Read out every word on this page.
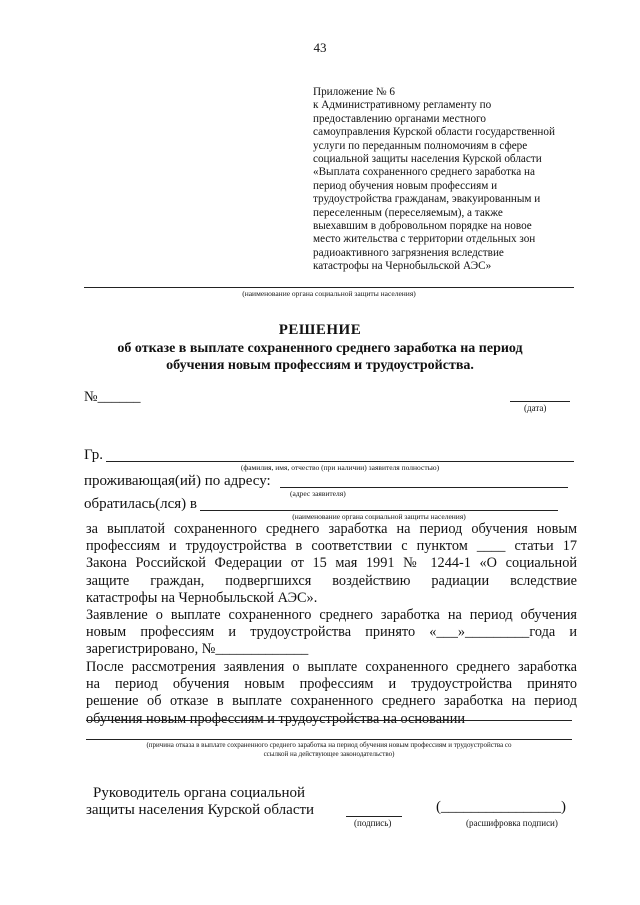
43
Приложение № 6
к Административному регламенту по
предоставлению органами местного
самоуправления Курской области государственной
услуги по переданным полномочиям в сфере
социальной защиты населения Курской области
«Выплата сохраненного среднего заработка на
период обучения новым профессиям и
трудоустройства гражданам, эвакуированным и
переселенным (переселяемым), а также
выехавшим в добровольном порядке на новое
место жительства с территории отдельных зон
радиоактивного загрязнения вследствие
катастрофы на Чернобыльской АЭС»
(наименование органа социальной защиты населения)
РЕШЕНИЕ
об отказе в выплате сохраненного среднего заработка на период
обучения новым профессиям и трудоустройства.
№______
(дата)
Гр.
(фамилия, имя, отчество (при наличии) заявителя полностью)
проживающая(ий) по адресу:
(адрес заявителя)
обратилась(лся) в
(наименование органа социальной защиты населения)
за выплатой сохраненного среднего заработка на период обучения новым
профессиям и трудоустройства в соответствии с пунктом ____ статьи 17
Закона Российской Федерации от 15 мая 1991 № 1244-1 «О социальной
защите граждан, подвергшихся воздействию радиации вследствие
катастрофы на Чернобыльской АЭС».
Заявление о выплате сохраненного среднего заработка на период обучения
новым профессиям и трудоустройства принято «___»_________года и
зарегистрировано, №_____________
После рассмотрения заявления о выплате сохраненного среднего заработка
на период обучения новым профессиям и трудоустройства принято
решение об отказе в выплате сохраненного среднего заработка на период
обучения новым профессиям и трудоустройства на основании
(причина отказа в выплате сохраненного среднего заработка на период обучения новым профессиям и трудоустройства со
ссылкой на действующее законодательство)
Руководитель органа социальной
защиты населения Курской области	(________________)
(подпись)	(расшифровка подписи)
